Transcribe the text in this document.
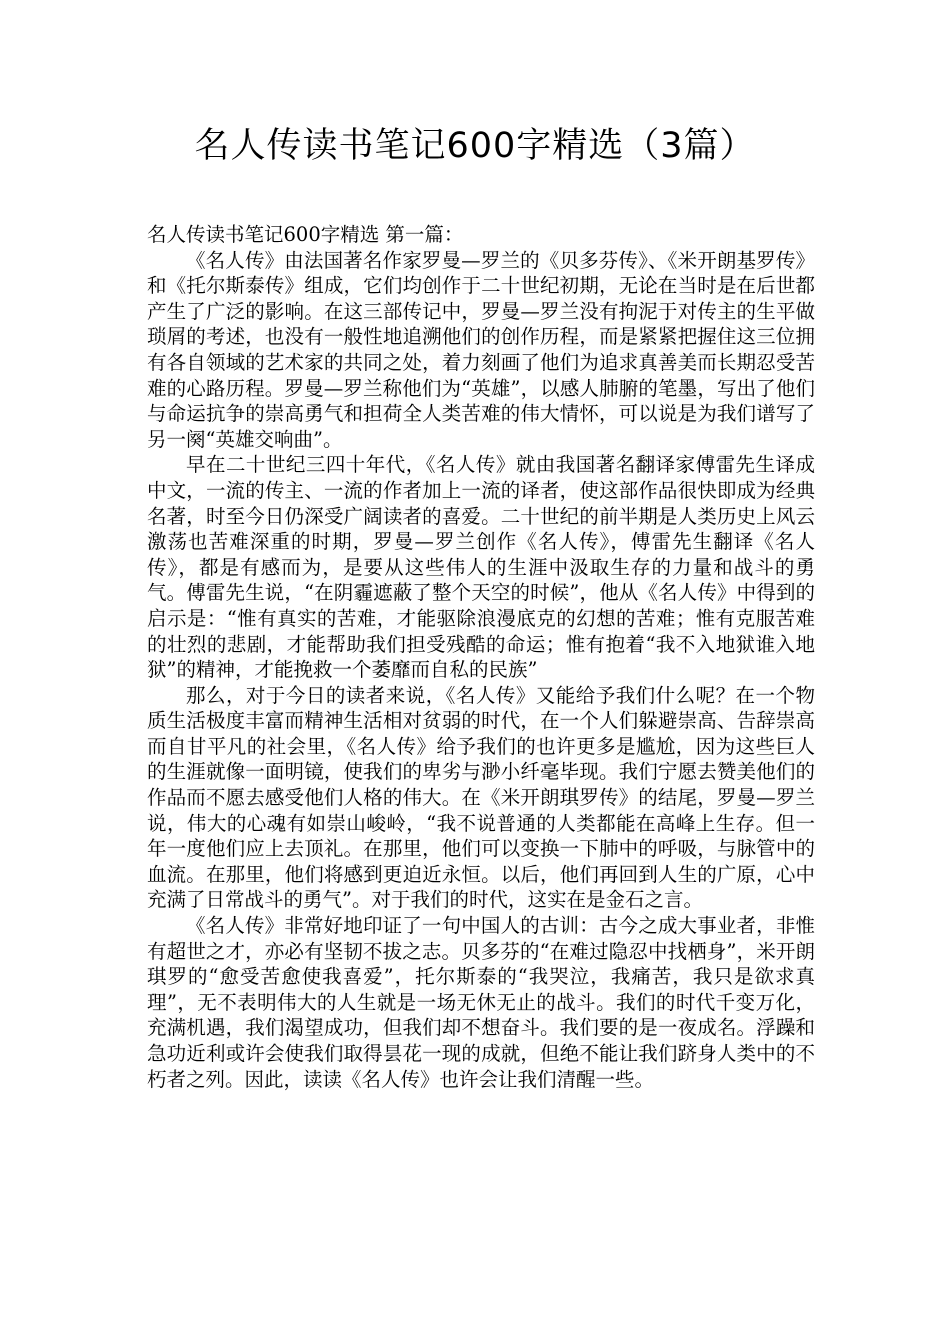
名人传读书笔记600字精选（3篇）

名人传读书笔记600字精选 第一篇：

《名人传》由法国著名作家罗曼—罗兰的《贝多芬传》、《米开朗基罗传》和《托尔斯泰传》组成，它们均创作于二十世纪初期，无论在当时是在后世都产生了广泛的影响。在这三部传记中，罗曼—罗兰没有拘泥于对传主的生平做琐屑的考述，也没有一般性地追溯他们的创作历程，而是紧紧把握住这三位拥有各自领域的艺术家的共同之处，着力刻画了他们为追求真善美而长期忍受苦难的心路历程。罗曼—罗兰称他们为“英雄”，以感人肺腑的笔墨，写出了他们与命运抗争的崇高勇气和担荷全人类苦难的伟大情怀，可以说是为我们谱写了另一阕“英雄交响曲”。

早在二十世纪三四十年代，《名人传》就由我国著名翻译家傅雷先生译成中文，一流的传主、一流的作者加上一流的译者，使这部作品很快即成为经典名著，时至今日仍深受广阔读者的喜爱。二十世纪的前半期是人类历史上风云激荡也苦难深重的时期，罗曼—罗兰创作《名人传》，傅雷先生翻译《名人传》，都是有感而为，是要从这些伟人的生涯中汲取生存的力量和战斗的勇气。傅雷先生说，“在阴霾遮蔽了整个天空的时候”，他从《名人传》中得到的启示是：“惟有真实的苦难，才能驱除浪漫底克的幻想的苦难；惟有克服苦难的壮烈的悲剧，才能帮助我们担受残酷的命运；惟有抱着“我不入地狱谁入地狱”的精神，才能挽救一个萎靡而自私的民族”

那么，对于今日的读者来说，《名人传》又能给予我们什么呢？在一个物质生活极度丰富而精神生活相对贫弱的时代，在一个人们躲避崇高、告辞崇高而自甘平凡的社会里，《名人传》给予我们的也许更多是尴尬，因为这些巨人的生涯就像一面明镜，使我们的卑劣与渺小纤毫毕现。我们宁愿去赞美他们的作品而不愿去感受他们人格的伟大。在《米开朗琪罗传》的结尾，罗曼—罗兰说，伟大的心魂有如崇山峻岭，“我不说普通的人类都能在高峰上生存。但一年一度他们应上去顶礼。在那里，他们可以变换一下肺中的呼吸，与脉管中的血流。在那里，他们将感到更迫近永恒。以后，他们再回到人生的广原，心中充满了日常战斗的勇气”。对于我们的时代，这实在是金石之言。

《名人传》非常好地印证了一句中国人的古训：古今之成大事业者，非惟有超世之才，亦必有坚韧不拔之志。贝多芬的“在难过隐忍中找栖身”，米开朗琪罗的“愈受苦愈使我喜爱”，托尔斯泰的“我哭泣，我痛苦，我只是欲求真理”，无不表明伟大的人生就是一场无休无止的战斗。我们的时代千变万化，充满机遇，我们渴望成功，但我们却不想奋斗。我们要的是一夜成名。浮躁和急功近利或许会使我们取得昙花一现的成就，但绝不能让我们跻身人类中的不朽者之列。因此，读读《名人传》也许会让我们清醒一些。
